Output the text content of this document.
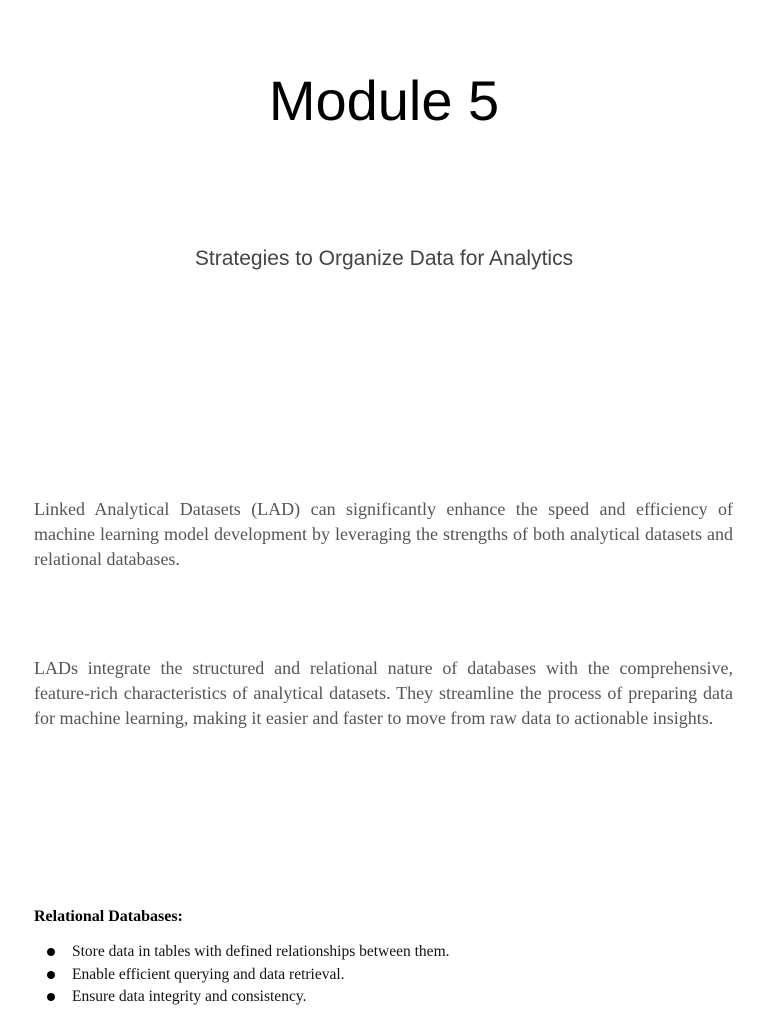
Module 5
Strategies to Organize Data for Analytics

Linked Analytical Datasets (LAD) can significantly enhance the speed and efficiency of machine learning model development by leveraging the strengths of both analytical datasets and relational databases.

LADs integrate the structured and relational nature of databases with the comprehensive, feature-rich characteristics of analytical datasets. They streamline the process of preparing data for machine learning, making it easier and faster to move from raw data to actionable insights.

Relational Databases:
Store data in tables with defined relationships between them.
Enable efficient querying and data retrieval.
Ensure data integrity and consistency.
